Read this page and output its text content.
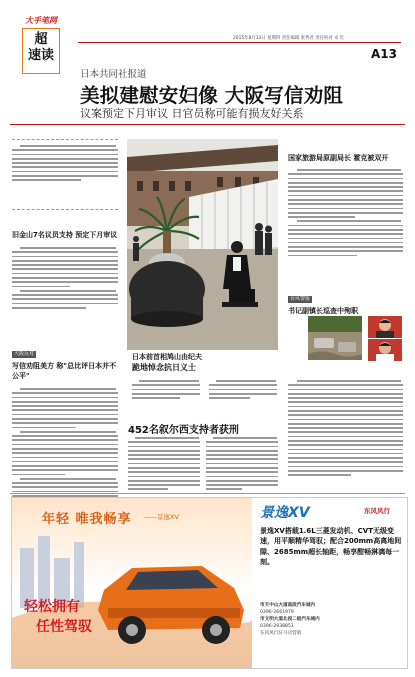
大手笔网
超
速读
2015年8月13日 星期四 责任编辑 张秀君 责任校对 卓 红
A13
日本共同社报道
美拟建慰安妇像 大阪写信劝阻
议案预定下月审议 日官员称可能有损友好关系
旧金山7名议员支持 预定下月审议
大阪反对
写信劝阻美方 称"总比评日本并不公平"
日本前首相鸠山由纪夫
跪地悼念抗日义士
国家旅游局原副局长 霍克被双开
台风警报
书记副镇长巡查中殉职
452名叙尔西支持者获刑
年轻 唯我畅享 ——景逸XV
轻松拥有
任性驾驭
景逸XV	东风风行
景逸XV搭载1.6L三菱发动机、CVT无级变速，用平顺精华驾驭；配合200mm高离地间隙、2685mm超长轴距，畅享酣畅淋漓每一刻。
市天中山大道南段汽车城内
0396-2661979
市文明大道北段二级汽车城内
0396-2938851
东风风行驻马店营销
